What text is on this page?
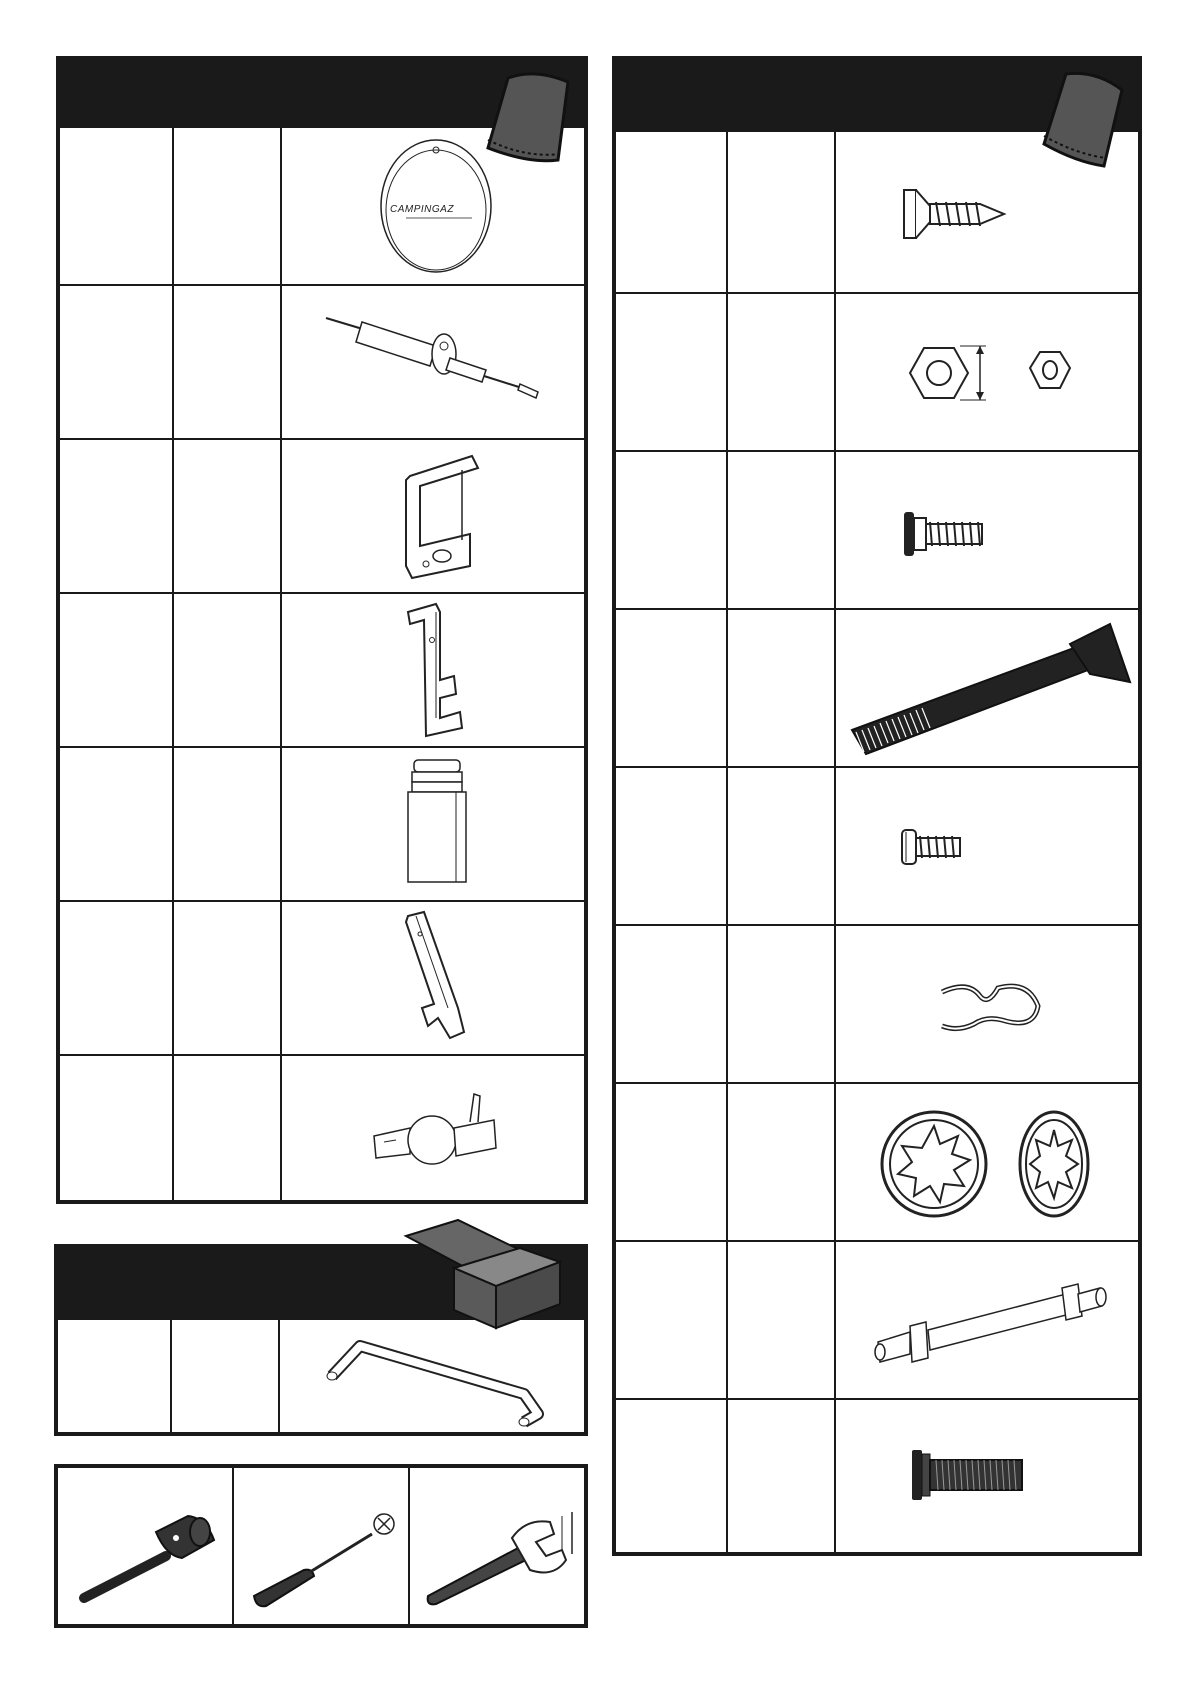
CAMPINGAZ
